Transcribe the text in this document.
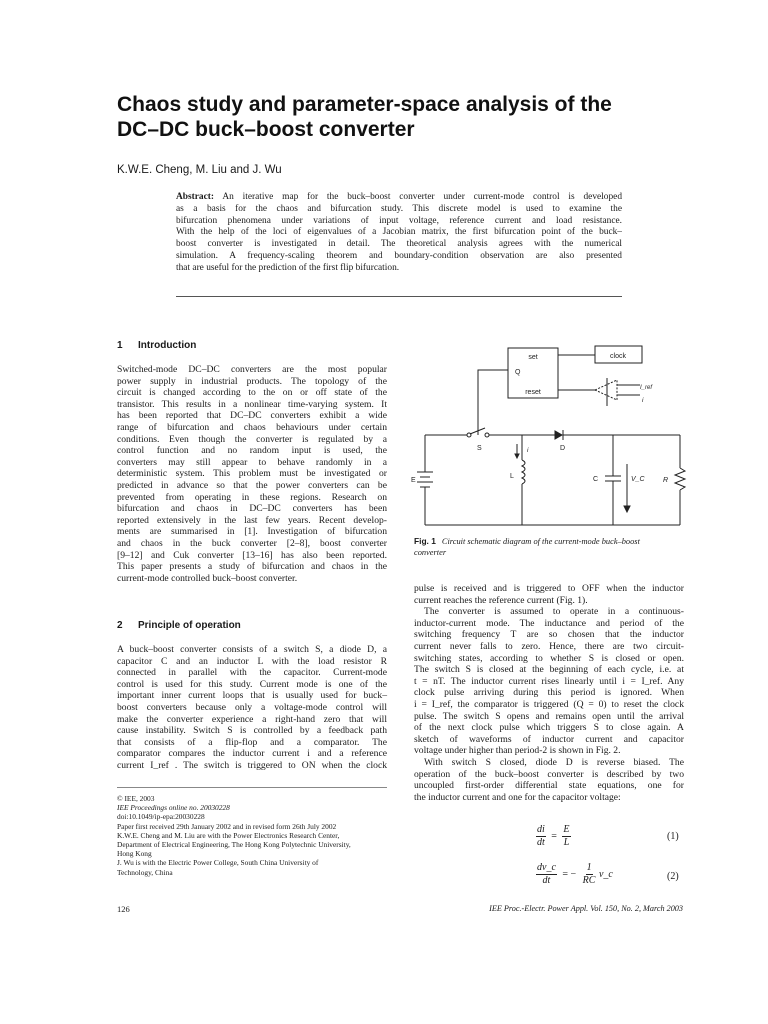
Chaos study and parameter-space analysis of the
DC–DC buck–boost converter
K.W.E. Cheng, M. Liu and J. Wu
Abstract: An iterative map for the buck–boost converter under current-mode control is developed
as a basis for the chaos and bifurcation study. This discrete model is used to examine the
bifurcation phenomena under variations of input voltage, reference current and load resistance.
With the help of the loci of eigenvalues of a Jacobian matrix, the first bifurcation point of the buck–
boost converter is investigated in detail. The theoretical analysis agrees with the numerical
simulation. A frequency-scaling theorem and boundary-condition observation are also presented
that are useful for the prediction of the first flip bifurcation.
1 Introduction
Switched-mode DC–DC converters are the most popular
power supply in industrial products. The topology of the
circuit is changed according to the on or off state of the
transistor. This results in a nonlinear time-varying system. It
has been reported that DC–DC converters exhibit a wide
range of bifurcation and chaos behaviours under certain
conditions. Even though the converter is regulated by a
control function and no random input is used, the
converters may still appear to behave randomly in a
deterministic system. This problem must be investigated or
predicted in advance so that the power converters can be
prevented from operating in these regions. Research on
bifurcation and chaos in DC–DC converters has been
reported extensively in the last few years. Recent develop-
ments are summarised in [1]. Investigation of bifurcation
and chaos in the buck converter [2–8], boost converter
[9–12] and Cuk converter [13–16] has also been reported.
This paper presents a study of bifurcation and chaos in the
current-mode controlled buck–boost converter.
2 Principle of operation
A buck–boost converter consists of a switch S, a diode D, a
capacitor C and an inductor L with the load resistor R
connected in parallel with the capacitor. Current-mode
control is used for this study. Current mode is one of the
important inner current loops that is usually used for buck–
boost converters because only a voltage-mode control will
make the converter experience a right-hand zero that will
cause instability. Switch S is controlled by a feedback path
that consists of a flip-flop and a comparator. The
comparator compares the inductor current i and a reference
current I_ref . The switch is triggered to ON when the clock
© IEE, 2003
IEE Proceedings online no. 20030228
doi:10.1049/ip-epa:20030228
Paper first received 29th January 2002 and in revised form 26th July 2002
K.W.E. Cheng and M. Liu are with the Power Electronics Research Center,
Department of Electrical Engineering, The Hong Kong Polytechnic University,
Hong Kong
J. Wu is with the Electric Power College, South China University of
Technology, China
set
Q
reset
clock
I_ref
i
S	D
E
L
i
C	V_C	R
Fig. 1 Circuit schematic diagram of the current-mode buck–boost
converter
pulse is received and is triggered to OFF when the inductor
current reaches the reference current (Fig. 1).
The converter is assumed to operate in a continuous-
inductor-current mode. The inductance and period of the
switching frequency T are so chosen that the inductor
current never falls to zero. Hence, there are two circuit-
switching states, according to whether S is closed or open.
The switch S is closed at the beginning of each cycle, i.e. at
t = nT. The inductor current rises linearly until i = I_ref. Any
clock pulse arriving during this period is ignored. When
i = I_ref, the comparator is triggered (Q = 0) to reset the clock
pulse. The switch S opens and remains open until the arrival
of the next clock pulse which triggers S to close again. A
sketch of waveforms of inductor current and capacitor
voltage under higher than period-2 is shown in Fig. 2.
With switch S closed, diode D is reverse biased. The
operation of the buck–boost converter is described by two
uncoupled first-order differential state equations, one for
the inductor current and one for the capacitor voltage:
$\frac{di}{dt} = \frac{E}{L}$	(1)
$\frac{dv\_c}{dt}$ = − $\frac{1}{RC}$ v_c	(2)
126	IEE Proc.-Electr. Power Appl. Vol. 150, No. 2, March 2003
